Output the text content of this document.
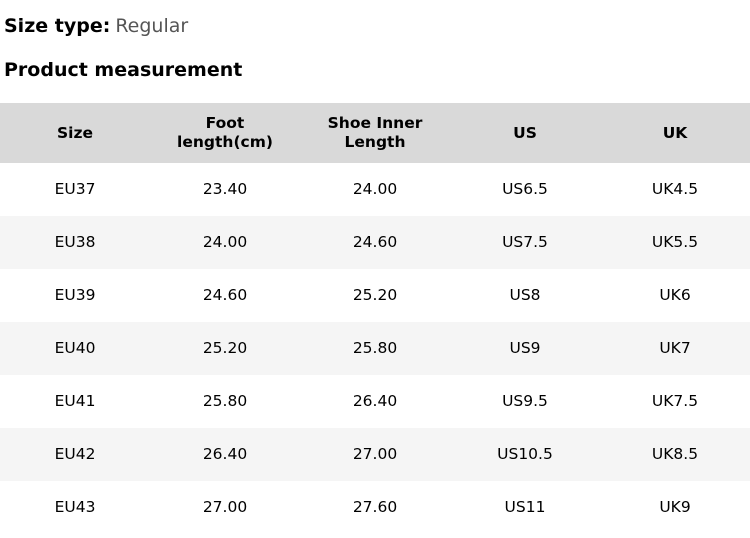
Size type: Regular
Product measurement
Size	Foot length(cm)	Shoe Inner Length	US	UK
EU37	23.40	24.00	US6.5	UK4.5
EU38	24.00	24.60	US7.5	UK5.5
EU39	24.60	25.20	US8	UK6
EU40	25.20	25.80	US9	UK7
EU41	25.80	26.40	US9.5	UK7.5
EU42	26.40	27.00	US10.5	UK8.5
EU43	27.00	27.60	US11	UK9
